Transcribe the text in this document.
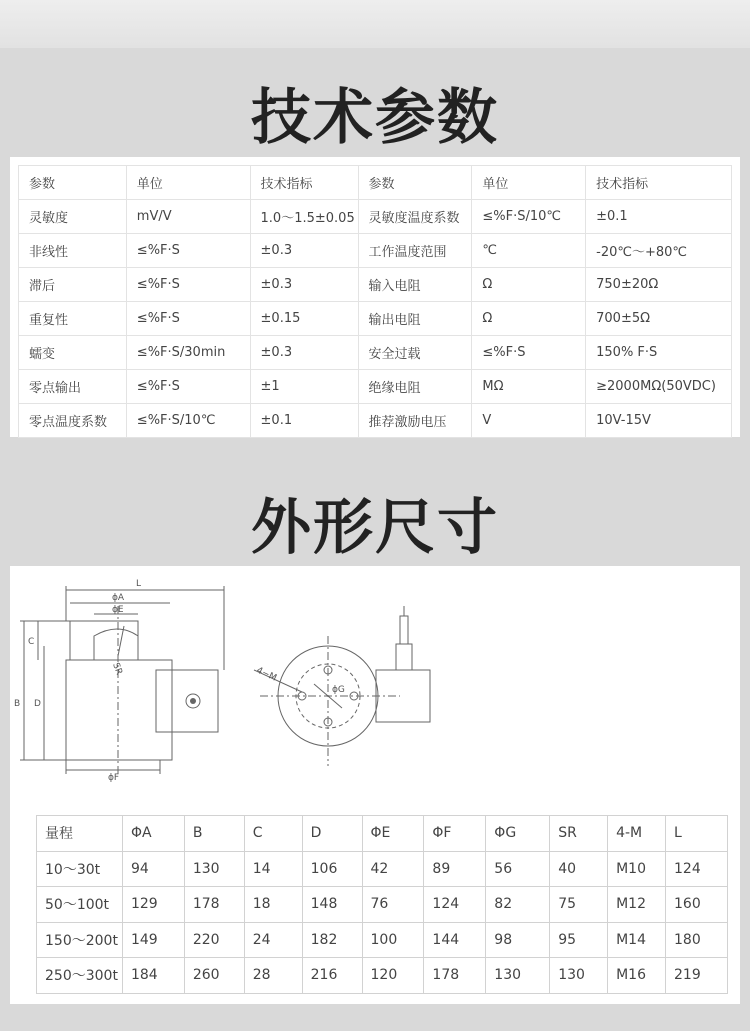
技术参数
参数	单位	技术指标	参数	单位	技术指标
灵敏度	mV/V	1.0～1.5±0.05	灵敏度温度系数	≤%F·S/10℃	±0.1
非线性	≤%F·S	±0.3	工作温度范围	℃	-20℃～+80℃
滞后	≤%F·S	±0.3	输入电阻	Ω	750±20Ω
重复性	≤%F·S	±0.15	输出电阻	Ω	700±5Ω
蠕变	≤%F·S/30min	±0.3	安全过载	≤%F·S	150% F·S
零点输出	≤%F·S	±1	绝缘电阻	MΩ	≥2000MΩ(50VDC)
零点温度系数	≤%F·S/10℃	±0.1	推荐激励电压	V	10V-15V
外形尺寸
L
ϕA
ϕE
C
B D
ϕF
SR	4−M
ϕG
量程	ΦA	B	C	D	ΦE	ΦF	ΦG	SR	4-M	L
10～30t	94	130	14	106	42	89	56	40	M10	124
50～100t	129	178	18	148	76	124	82	75	M12	160
150～200t	149	220	24	182	100	144	98	95	M14	180
250～300t	184	260	28	216	120	178	130	130	M16	219
